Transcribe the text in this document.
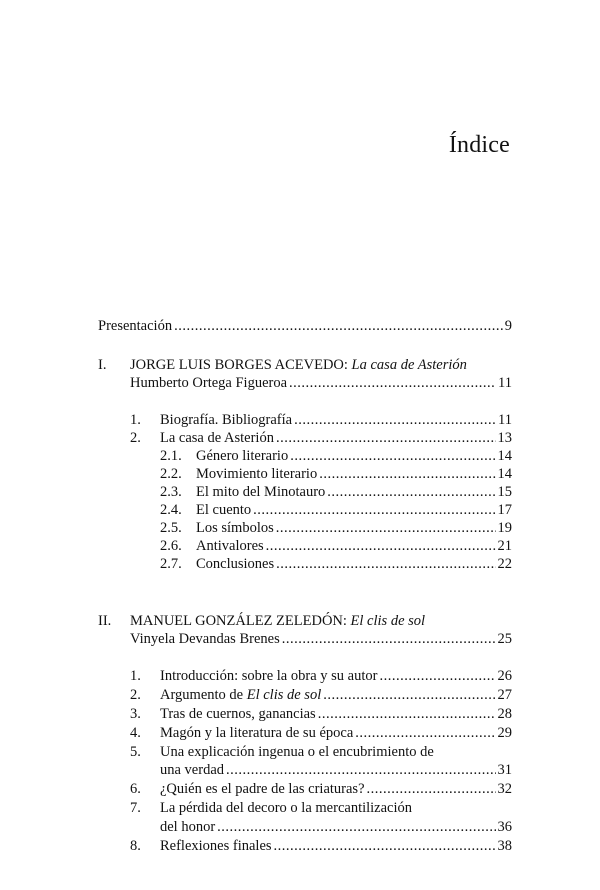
Índice
Presentación .....	9
I. JORGE LUIS BORGES ACEVEDO: La casa de Asterión
Humberto Ortega Figueroa .....	11
1. Biografía. Bibliografía .....	11
2. La casa de Asterión .....	13
2.1. Género literario .....	14
2.2. Movimiento literario .....	14
2.3. El mito del Minotauro .....	15
2.4. El cuento .....	17
2.5. Los símbolos .....	19
2.6. Antivalores .....	21
2.7. Conclusiones .....	22
II. MANUEL GONZÁLEZ ZELEDÓN: El clis de sol
Vinyela Devandas Brenes .....	25
1. Introducción: sobre la obra y su autor .....	26
2. Argumento de El clis de sol .....	27
3. Tras de cuernos, ganancias .....	28
4. Magón y la literatura de su época .....	29
5. Una explicación ingenua o el encubrimiento de
una verdad .....	31
6. ¿Quién es el padre de las criaturas? .....	32
7. La pérdida del decoro o la mercantilización
del honor .....	36
8. Reflexiones finales .....	38
